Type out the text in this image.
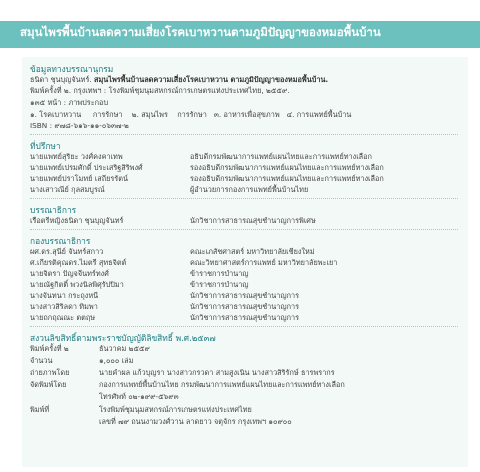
สมุนไพรพื้นบ้านลดความเสี่ยงโรคเบาหวานตามภูมิปัญญาของหมอพื้นบ้าน
ข้อมูลทางบรรณานุกรม
ธนิดา ชุนบุญจันทร์. สมุนไพรพื้นบ้านลดความเสี่ยงโรคเบาหวาน ตามภูมิปัญญาของหมอพื้นบ้าน.
พิมพ์ครั้งที่ ๒. กรุงเทพฯ : โรงพิมพ์ชุมนุมสหกรณ์การเกษตรแห่งประเทศไทย, ๒๕๕๙.
๑๓๕ หน้า : ภาพประกอบ
๑. โรคเบาหวาน การรักษา ๒. สมุนไพร การรักษา ๓. อาหารเพื่อสุขภาพ ๔. การแพทย์พื้นบ้าน
ISBN : ๙๗๘-๖๑๖-๑๑-๐๖๓๗-๒
ที่ปรึกษา
นายแพทย์สุริยะ วงศ์คงคาเทพ	อธิบดีกรมพัฒนาการแพทย์แผนไทยและการแพทย์ทางเลือก
นายแพทย์เปรมศักดิ์ ประเสริฐสิริพงศ์	รองอธิบดีกรมพัฒนาการแพทย์แผนไทยและการแพทย์ทางเลือก
นายแพทย์ปราโมทย์ เสถียรรัตน์	รองอธิบดีกรมพัฒนาการแพทย์แผนไทยและการแพทย์ทางเลือก
นางเสาวณีย์ กุลสมบูรณ์	ผู้อำนวยการกองการแพทย์พื้นบ้านไทย
บรรณาธิการ
เรือตรีหญิงธนิดา ชุนบุญจันทร์	นักวิชาการสาธารณสุขชำนาญการพิเศษ
กองบรรณาธิการ
ผศ.ดร.สุนีย์ จันทร์สกาว	คณะเภสัชศาสตร์ มหาวิทยาลัยเชียงใหม่
ศ.เกียรติคุณดร.ไมตรี สุทธจิตต์	คณะวิทยาศาสตร์การแพทย์ มหาวิทยาลัยพะเยา
นายจิตรา ปัญจจีนทร์ทงศ์	ข้าราชการบำนาญ
นายณัฐกิตติ์ พวงนิลพิศุรัปปิมา	ข้าราชการบำนาญ
นางจันทนา กระถุงหนี	นักวิชาการสาธารณสุขชำนาญการ
นางสาวสิริลดา ทิมพา	นักวิชาการสาธารณสุขชำนาญการ
นายถกฤณณะ ตตฤษ	นักวิชาการสาธารณสุขชำนาญการ
สงวนลิขสิทธิ์ตามพระราชบัญญัติลิขสิทธิ์ พ.ศ.๒๕๓๗
พิมพ์ครั้งที่ ๒	ธันวาคม ๒๕๕๙
จำนวน	๑,๐๐๐ เล่ม
ถ่ายภาพโดย	นายคำผล แก้วบุญรา นางสาวกรวดา สามสูงเนิน นางสาวสิริรักษ์ ธารพรากร
จัดพิมพ์โดย	กองการแพทย์พื้นบ้านไทย กรมพัฒนาการแพทย์แผนไทยและการแพทย์ทางเลือก
โทรศัพท์ ๐๒-๑๙๙-๕๖๙๓
พิมพ์ที่	โรงพิมพ์ชุมนุมสหกรณ์การเกษตรแห่งประเทศไทย
เลขที่ ๗๙ ถนนงามวงศ์วาน ลาดยาว จตุจักร กรุงเทพฯ ๑๐๙๐๐
